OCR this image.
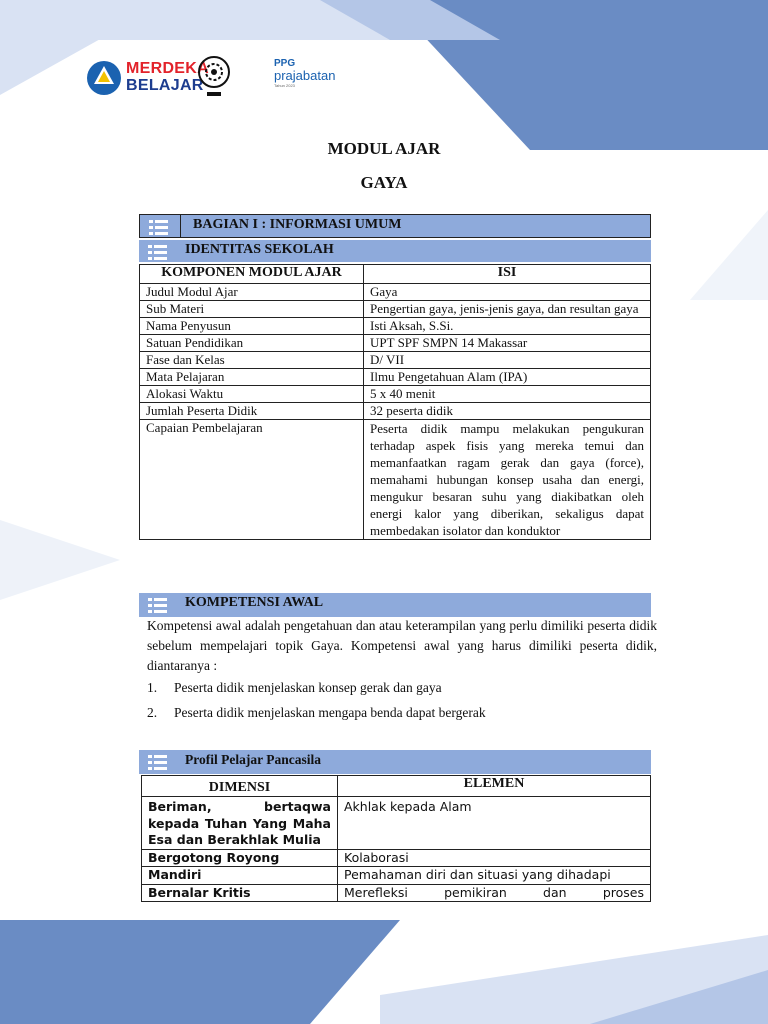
MERDEKA
BELAJAR
PPG
prajabatan
Tahun 2023
MODUL AJAR
GAYA
BAGIAN I : INFORMASI UMUM
IDENTITAS SEKOLAH
KOMPONEN MODUL AJAR	ISI
Judul Modul Ajar	Gaya
Sub Materi	Pengertian gaya, jenis-jenis gaya, dan resultan gaya
Nama Penyusun	Isti Aksah, S.Si.
Satuan Pendidikan	UPT SPF SMPN 14 Makassar
Fase dan Kelas	D/ VII
Mata Pelajaran	Ilmu Pengetahuan Alam (IPA)
Alokasi Waktu	5 x 40 menit
Jumlah Peserta Didik	32 peserta didik
Capaian Pembelajaran	Peserta didik mampu melakukan pengukuran terhadap aspek fisis yang mereka temui dan memanfaatkan ragam gerak dan gaya (force), memahami hubungan konsep usaha dan energi, mengukur besaran suhu yang diakibatkan oleh energi kalor yang diberikan, sekaligus dapat membedakan isolator dan konduktor
KOMPETENSI AWAL
Kompetensi awal adalah pengetahuan dan atau keterampilan yang perlu dimiliki peserta didik sebelum mempelajari topik Gaya. Kompetensi awal yang harus dimiliki peserta didik, diantaranya :
1. Peserta didik menjelaskan konsep gerak dan gaya
2. Peserta didik menjelaskan mengapa benda dapat bergerak
Profil Pelajar Pancasila
DIMENSI	ELEMEN
Beriman, bertaqwa kepada Tuhan Yang Maha Esa dan Berakhlak Mulia	Akhlak kepada Alam
Bergotong Royong	Kolaborasi
Mandiri	Pemahaman diri dan situasi yang dihadapi
Bernalar Kritis	Merefleksi pemikiran dan proses
